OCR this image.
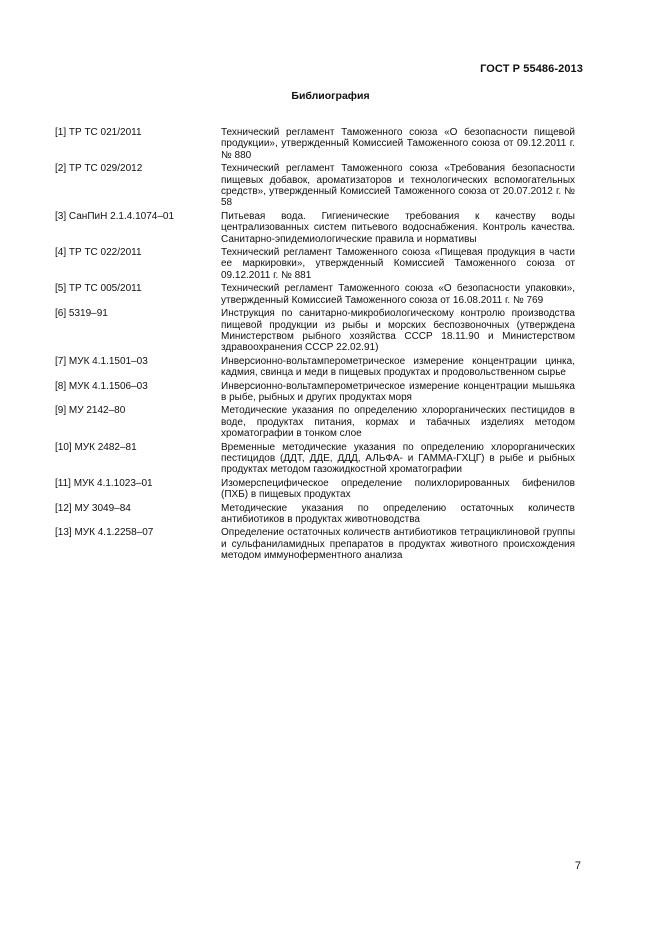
ГОСТ Р 55486-2013
Библиография
[1] ТР ТС 021/2011	Технический регламент Таможенного союза «О безопасности пищевой продукции», утвержденный Комиссией Таможенного союза от 09.12.2011 г. № 880
[2] ТР ТС 029/2012	Технический регламент Таможенного союза «Требования безопасности пищевых добавок, ароматизаторов и технологических вспомогательных средств», утвержденный Комиссией Таможенного союза от 20.07.2012 г. № 58
[3] СанПиН 2.1.4.1074–01	Питьевая вода. Гигиенические требования к качеству воды централизованных систем питьевого водоснабжения. Контроль качества. Санитарно-эпидемиологические правила и нормативы
[4] ТР ТС 022/2011	Технический регламент Таможенного союза «Пищевая продукция в части ее маркировки», утвержденный Комиссией Таможенного союза от 09.12.2011 г. № 881
[5] ТР ТС 005/2011	Технический регламент Таможенного союза «О безопасности упаковки», утвержденный Комиссией Таможенного союза от 16.08.2011 г. № 769
[6] 5319–91	Инструкция по санитарно-микробиологическому контролю производства пищевой продукции из рыбы и морских беспозвоночных (утверждена Министерством рыбного хозяйства СССР 18.11.90 и Министерством здравоохранения СССР 22.02.91)
[7] МУК 4.1.1501–03	Инверсионно-вольтамперометрическое измерение концентрации цинка, кадмия, свинца и меди в пищевых продуктах и продовольственном сырье
[8] МУК 4.1.1506–03	Инверсионно-вольтамперометрическое измерение концентрации мышьяка в рыбе, рыбных и других продуктах моря
[9] МУ 2142–80	Методические указания по определению хлорорганических пестицидов в воде, продуктах питания, кормах и табачных изделиях методом хроматографии в тонком слое
[10] МУК 2482–81	Временные методические указания по определению хлорорганических пестицидов (ДДТ, ДДЕ, ДДД, АЛЬФА- и ГАММА-ГХЦГ) в рыбе и рыбных продуктах методом газожидкостной хроматографии
[11] МУК 4.1.1023–01	Изомерспецифическое определение полихлорированных бифенилов (ПХБ) в пищевых продуктах
[12] МУ 3049–84	Методические указания по определению остаточных количеств антибиотиков в продуктах животноводства
[13] МУК 4.1.2258–07	Определение остаточных количеств антибиотиков тетрациклиновой группы и сульфаниламидных препаратов в продуктах животного происхождения методом иммуноферментного анализа
7
